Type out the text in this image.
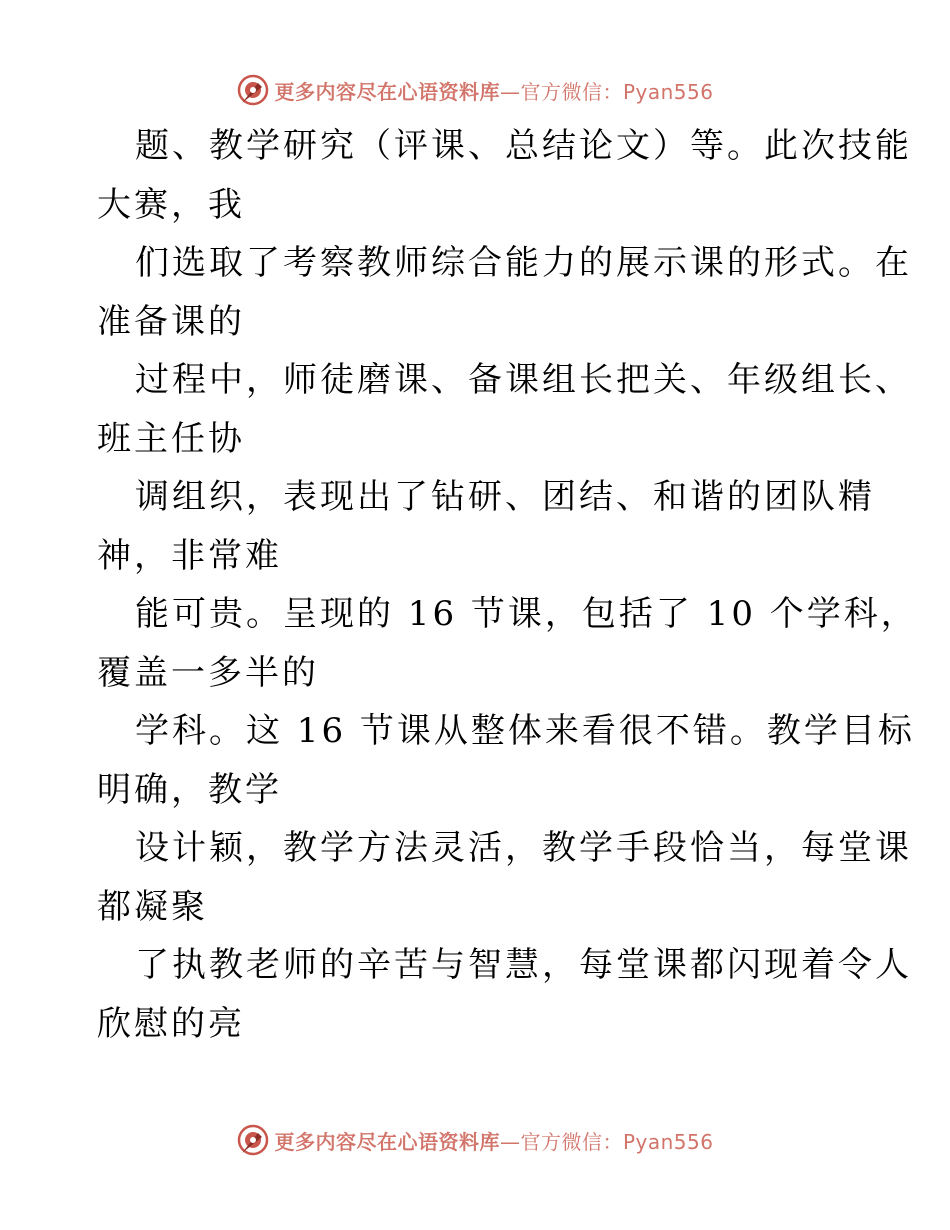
更多内容尽在心语资料库—官方微信：Pyan556
题、教学研究（评课、总结论文）等。此次技能
大赛，我
们选取了考察教师综合能力的展示课的形式。在
准备课的
过程中，师徒磨课、备课组长把关、年级组长、
班主任协
调组织，表现出了钻研、团结、和谐的团队精
神，非常难
能可贵。呈现的 16 节课，包括了 10 个学科，
覆盖一多半的
学科。这 16 节课从整体来看很不错。教学目标
明确，教学
设计颖，教学方法灵活，教学手段恰当，每堂课
都凝聚
了执教老师的辛苦与智慧，每堂课都闪现着令人
欣慰的亮
更多内容尽在心语资料库—官方微信：Pyan556
